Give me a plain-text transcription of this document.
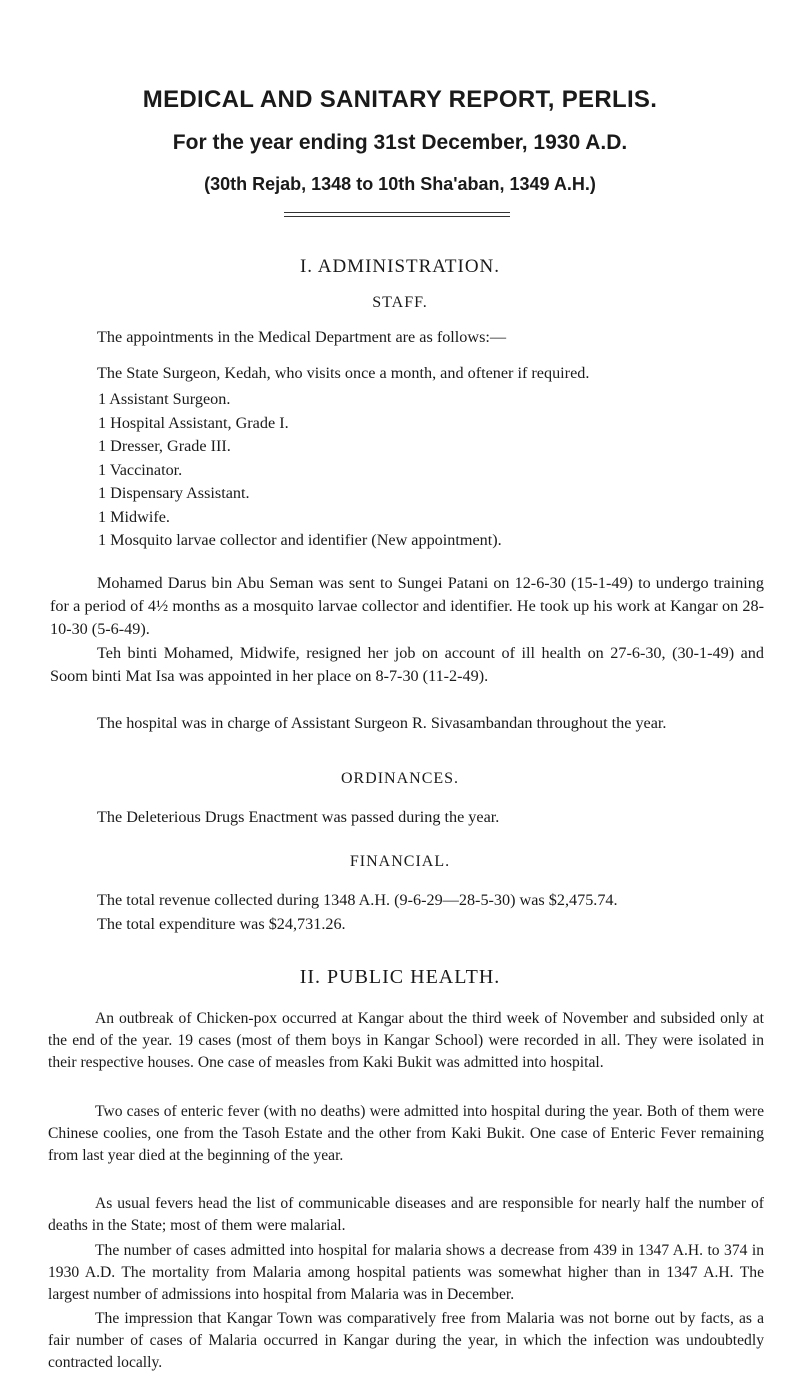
MEDICAL AND SANITARY REPORT, PERLIS.
For the year ending 31st December, 1930 A.D.
(30th Rejab, 1348 to 10th Sha'aban, 1349 A.H.)
I. ADMINISTRATION.
STAFF.
The appointments in the Medical Department are as follows:—
The State Surgeon, Kedah, who visits once a month, and oftener if required.
1 Assistant Surgeon.
1 Hospital Assistant, Grade I.
1 Dresser, Grade III.
1 Vaccinator.
1 Dispensary Assistant.
1 Midwife.
1 Mosquito larvae collector and identifier (New appointment).
Mohamed Darus bin Abu Seman was sent to Sungei Patani on 12-6-30 (15-1-49) to undergo training for a period of 4½ months as a mosquito larvae collector and identifier. He took up his work at Kangar on 28-10-30 (5-6-49).
Teh binti Mohamed, Midwife, resigned her job on account of ill health on 27-6-30, (30-1-49) and Soom binti Mat Isa was appointed in her place on 8-7-30 (11-2-49).
The hospital was in charge of Assistant Surgeon R. Sivasambandan throughout the year.
ORDINANCES.
The Deleterious Drugs Enactment was passed during the year.
FINANCIAL.
The total revenue collected during 1348 A.H. (9-6-29—28-5-30) was $2,475.74.
The total expenditure was $24,731.26.
II. PUBLIC HEALTH.
An outbreak of Chicken-pox occurred at Kangar about the third week of November and subsided only at the end of the year. 19 cases (most of them boys in Kangar School) were recorded in all. They were isolated in their respective houses. One case of measles from Kaki Bukit was admitted into hospital.
Two cases of enteric fever (with no deaths) were admitted into hospital during the year. Both of them were Chinese coolies, one from the Tasoh Estate and the other from Kaki Bukit. One case of Enteric Fever remaining from last year died at the beginning of the year.
As usual fevers head the list of communicable diseases and are responsible for nearly half the number of deaths in the State; most of them were malarial.
The number of cases admitted into hospital for malaria shows a decrease from 439 in 1347 A.H. to 374 in 1930 A.D. The mortality from Malaria among hospital patients was somewhat higher than in 1347 A.H. The largest number of admissions into hospital from Malaria was in December.
The impression that Kangar Town was comparatively free from Malaria was not borne out by facts, as a fair number of cases of Malaria occurred in Kangar during the year, in which the infection was undoubtedly contracted locally.
